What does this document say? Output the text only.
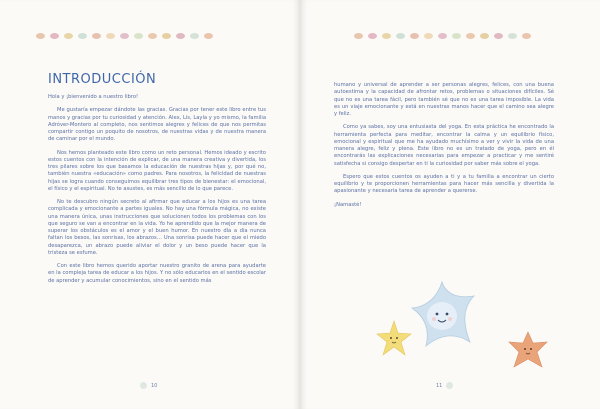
INTRODUCCIÓN

Hola y ¡bienvenido a nuestro libro!

Me gustaría empezar dándote las gracias. Gracias por tener este libro entre tus manos y gracias por tu curiosidad y atención. Alex, Lis, Layla y yo mismo, la familia Adróver-Montero al completo, nos sentimos alegres y felices de que nos permitas compartir contigo un poquito de nosotros, de nuestras vidas y de nuestra manera de caminar por el mundo.

Nos hemos planteado este libro como un reto personal. Hemos ideado y escrito estos cuentos con la intención de explicar, de una manera creativa y divertida, los tres pilares sobre los que basamos la educación de nuestras hijas y, por qué no, también nuestra «educación» como padres. Para nosotros, la felicidad de nuestras hijas se logra cuando conseguimos equilibrar tres tipos de bienestar: el emocional, el físico y el espiritual. No te asustes, es más sencillo de lo que parece.

No te descubro ningún secreto al afirmar que educar a los hijos es una tarea complicada y emocionante a partes iguales. No hay una fórmula mágica, no existe una manera única, unas instrucciones que solucionen todos los problemas con los que seguro se van a encontrar en la vida. Yo he aprendido que la mejor manera de superar los obstáculos es el amor y el buen humor. En nuestro día a día nunca faltan los besos, las sonrisas, los abrazos… Una sonrisa puede hacer que el miedo desaparezca, un abrazo puede aliviar el dolor y un beso puede hacer que la tristeza se esfume.

Con este libro hemos querido aportar nuestro granito de arena para ayudarte en la compleja tarea de educar a los hijos. Y no sólo educarlos en el sentido escolar de aprender y acumular conocimientos, sino en el sentido más

10

humano y universal de aprender a ser personas alegres, felices, con una buena autoestima y la capacidad de afrontar retos, problemas o situaciones difíciles. Sé que no es una tarea fácil, pero también sé que no es una tarea imposible. La vida es un viaje emocionante y está en nuestras manos hacer que el camino sea alegre y feliz.

Como ya sabes, soy una entusiasta del yoga. En esta práctica he encontrado la herramienta perfecta para meditar, encontrar la calma y un equilibrio físico, emocional y espiritual que me ha ayudado muchísimo a ver y vivir la vida de una manera alegre, feliz y plena. Este libro no es un tratado de yoga, pero en él encontrarás las explicaciones necesarias para empezar a practicar y me sentiré satisfecha si consigo despertar en ti la curiosidad por saber más sobre el yoga.

Espero que estos cuentos os ayuden a ti y a tu familia a encontrar un cierto equilibrio y te proporcionen herramientas para hacer más sencilla y divertida la apasionante y necesaria tarea de aprender a quererse.

¡Namasté!

11
